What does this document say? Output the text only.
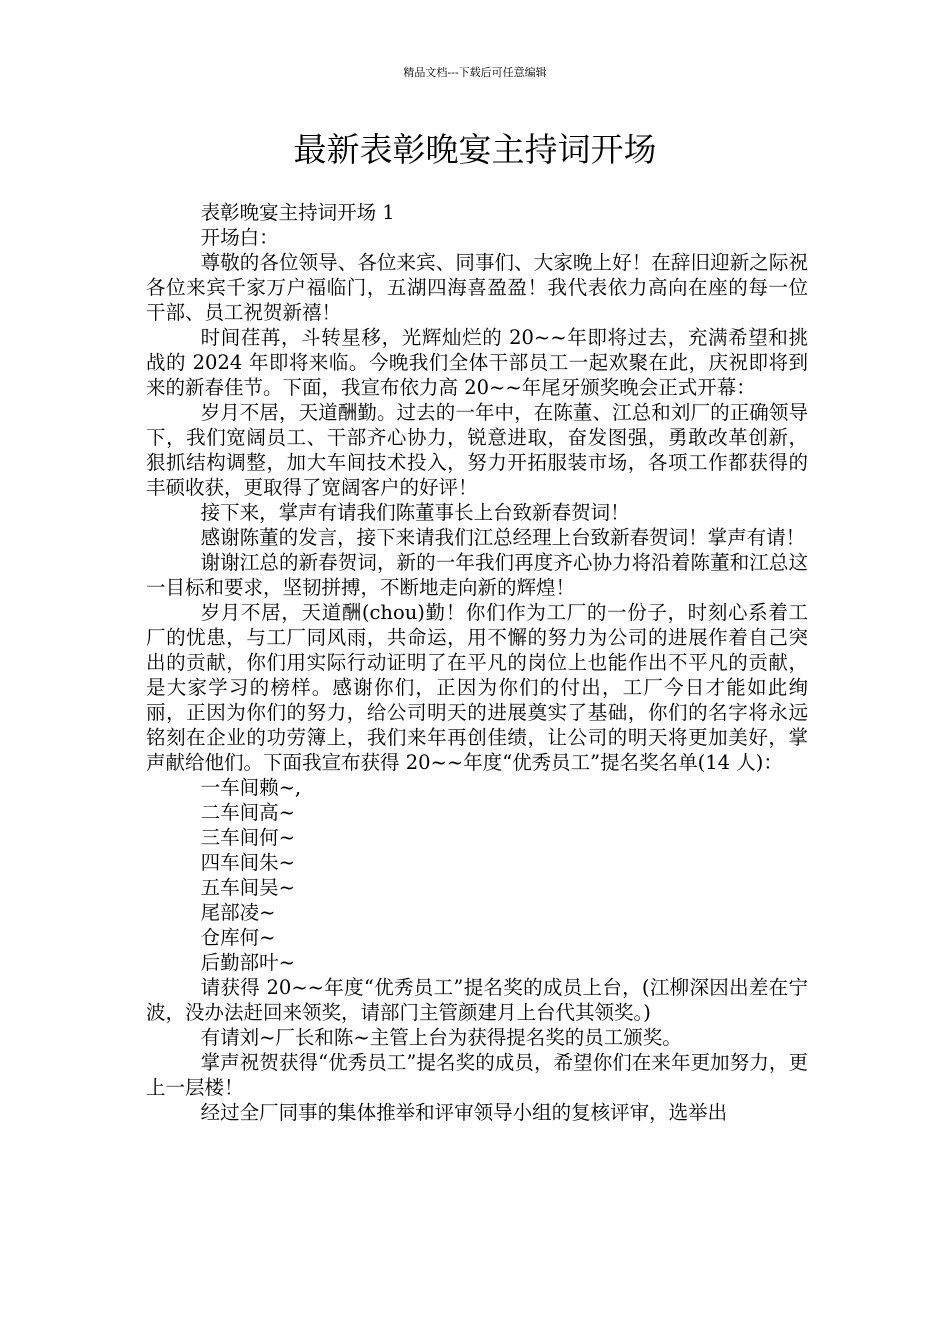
精品文档---下载后可任意编辑
最新表彰晚宴主持词开场

表彰晚宴主持词开场 1

开场白：

尊敬的各位领导、各位来宾、同事们、大家晚上好！在辞旧迎新之际祝各位来宾千家万户福临门，五湖四海喜盈盈！我代表依力高向在座的每一位干部、员工祝贺新禧！

时间荏苒，斗转星移，光辉灿烂的 20~~年即将过去，充满希望和挑战的 2024 年即将来临。今晚我们全体干部员工一起欢聚在此，庆祝即将到来的新春佳节。下面，我宣布依力高 20~~年尾牙颁奖晚会正式开幕：

岁月不居，天道酬勤。过去的一年中，在陈董、江总和刘厂的正确领导下，我们宽阔员工、干部齐心协力，锐意进取，奋发图强，勇敢改革创新，狠抓结构调整，加大车间技术投入，努力开拓服装市场，各项工作都获得的丰硕收获，更取得了宽阔客户的好评！

接下来，掌声有请我们陈董事长上台致新春贺词！

感谢陈董的发言，接下来请我们江总经理上台致新春贺词！掌声有请！

谢谢江总的新春贺词，新的一年我们再度齐心协力将沿着陈董和江总这一目标和要求，坚韧拼搏，不断地走向新的辉煌！

岁月不居，天道酬(chou)勤！你们作为工厂的一份子，时刻心系着工厂的忧患，与工厂同风雨，共命运，用不懈的努力为公司的进展作着自己突出的贡献，你们用实际行动证明了在平凡的岗位上也能作出不平凡的贡献，是大家学习的榜样。感谢你们，正因为你们的付出，工厂今日才能如此绚丽，正因为你们的努力，给公司明天的进展奠实了基础，你们的名字将永远铭刻在企业的功劳簿上，我们来年再创佳绩，让公司的明天将更加美好，掌声献给他们。下面我宣布获得 20~~年度“优秀员工”提名奖名单(14 人)：

一车间赖~,

二车间高~

三车间何~

四车间朱~

五车间吴~

尾部凌~

仓库何~

后勤部叶~

请获得 20~~年度“优秀员工”提名奖的成员上台，(江柳深因出差在宁波，没办法赶回来领奖，请部门主管颜建月上台代其领奖。)

有请刘~厂长和陈~主管上台为获得提名奖的员工颁奖。

掌声祝贺获得“优秀员工”提名奖的成员，希望你们在来年更加努力，更上一层楼！

经过全厂同事的集体推举和评审领导小组的复核评审，选举出
